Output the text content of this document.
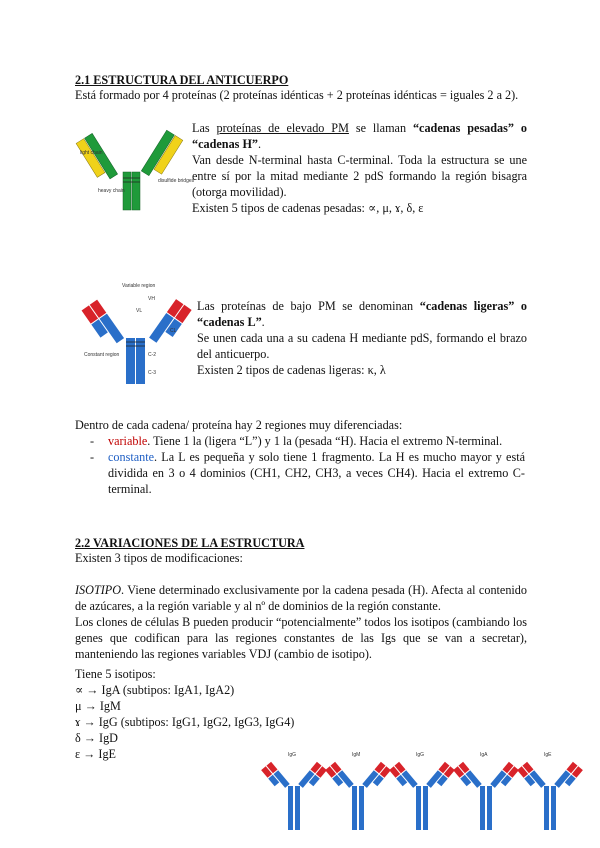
2.1 ESTRUCTURA DEL ANTICUERPO
Está formado por 4 proteínas (2 proteínas idénticas + 2 proteínas idénticas = iguales 2 a 2).
light chain
heavy chain
disulfide bridges
Las proteínas de elevado PM se llaman “cadenas pesadas” o “cadenas H”.
Van desde N-terminal hasta C-terminal. Toda la estructura se une entre sí por la mitad mediante 2 pdS formando la región bisagra (otorga movilidad).
Existen 5 tipos de cadenas pesadas: ∝, μ, ɤ, δ, ε
Variable region
VH
VL
CL
Constant region	C-2
C-3
Las proteínas de bajo PM se denominan “cadenas ligeras” o “cadenas L”.
Se unen cada una a su cadena H mediante pdS, formando el brazo del anticuerpo.
Existen 2 tipos de cadenas ligeras: κ, λ
Dentro de cada cadena/ proteína hay 2 regiones muy diferenciadas:
- variable. Tiene 1 la (ligera “L”) y 1 la (pesada “H). Hacia el extremo N-terminal.
- constante. La L es pequeña y solo tiene 1 fragmento. La H es mucho mayor y está dividida en 3 o 4 dominios (CH1, CH2, CH3, a veces CH4). Hacia el extremo C-terminal.
2.2 VARIACIONES DE LA ESTRUCTURA
Existen 3 tipos de modificaciones:
ISOTIPO. Viene determinado exclusivamente por la cadena pesada (H). Afecta al contenido de azúcares, a la región variable y al nº de dominios de la región constante.
Los clones de células B pueden producir “potencialmente” todos los isotipos (cambiando los genes que codifican para las regiones constantes de las Igs que se van a secretar), manteniendo las regiones variables VDJ (cambio de isotipo).
Tiene 5 isotipos:
∝ → IgA (subtipos: IgA1, IgA2)
μ → IgM
ɤ → IgG (subtipos: IgG1, IgG2, IgG3, IgG4)
δ → IgD
ε → IgE	IgG	IgM	IgG	IgA	IgE
